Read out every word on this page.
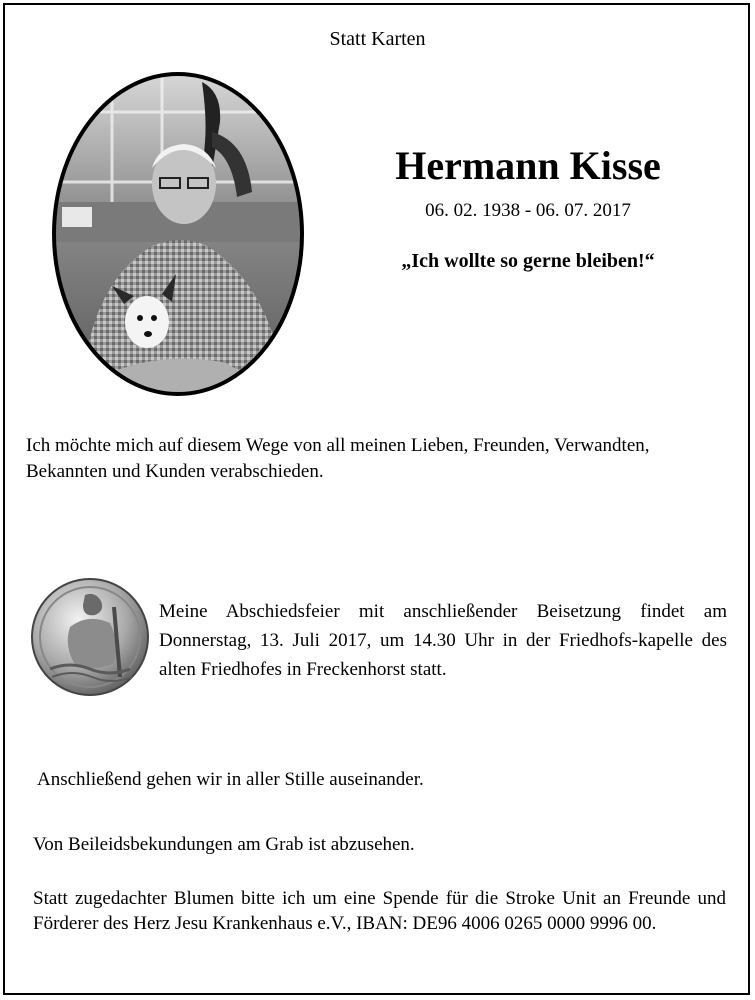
Statt Karten
Hermann Kisse
06. 02. 1938 - 06. 07. 2017
„Ich wollte so gerne bleiben!“
Ich möchte mich auf diesem Wege von all meinen Lieben, Freunden, Verwandten, Bekannten und Kunden verabschieden.
Meine Abschiedsfeier mit anschließender Beisetzung findet am Donnerstag, 13. Juli 2017, um 14.30 Uhr in der Friedhofs-kapelle des alten Friedhofes in Freckenhorst statt.
Anschließend gehen wir in aller Stille auseinander.
Von Beileidsbekundungen am Grab ist abzusehen.
Statt zugedachter Blumen bitte ich um eine Spende für die Stroke Unit an Freunde und Förderer des Herz Jesu Krankenhaus e.V., IBAN: DE96 4006 0265 0000 9996 00.
